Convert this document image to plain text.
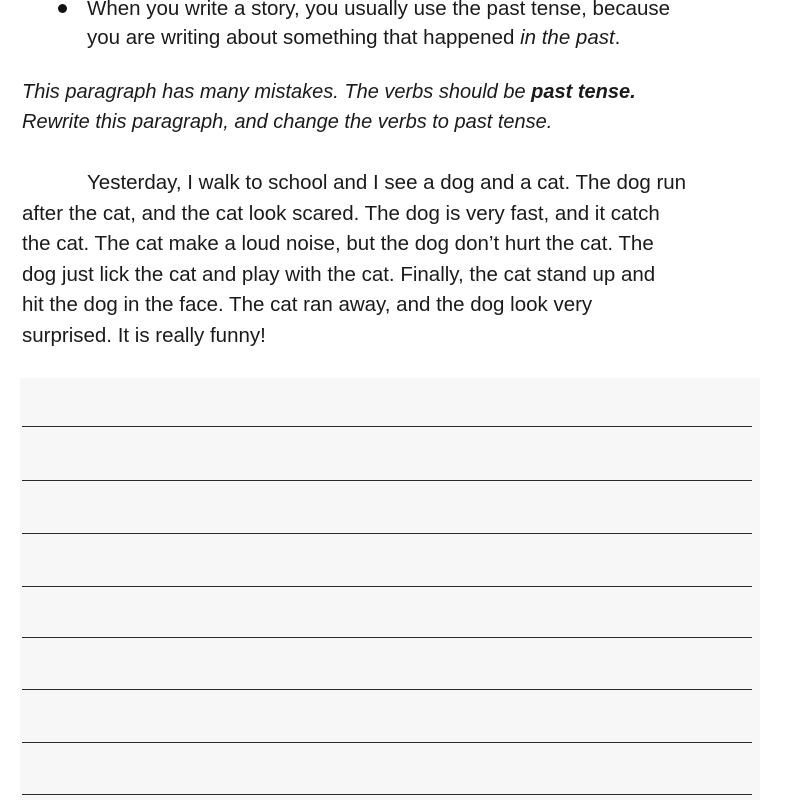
When you write a story, you usually use the past tense, because
you are writing about something that happened in the past.
This paragraph has many mistakes. The verbs should be past tense.
Rewrite this paragraph, and change the verbs to past tense.
Yesterday, I walk to school and I see a dog and a cat. The dog run
after the cat, and the cat look scared. The dog is very fast, and it catch
the cat. The cat make a loud noise, but the dog don’t hurt the cat. The
dog just lick the cat and play with the cat. Finally, the cat stand up and
hit the dog in the face. The cat ran away, and the dog look very
surprised. It is really funny!
